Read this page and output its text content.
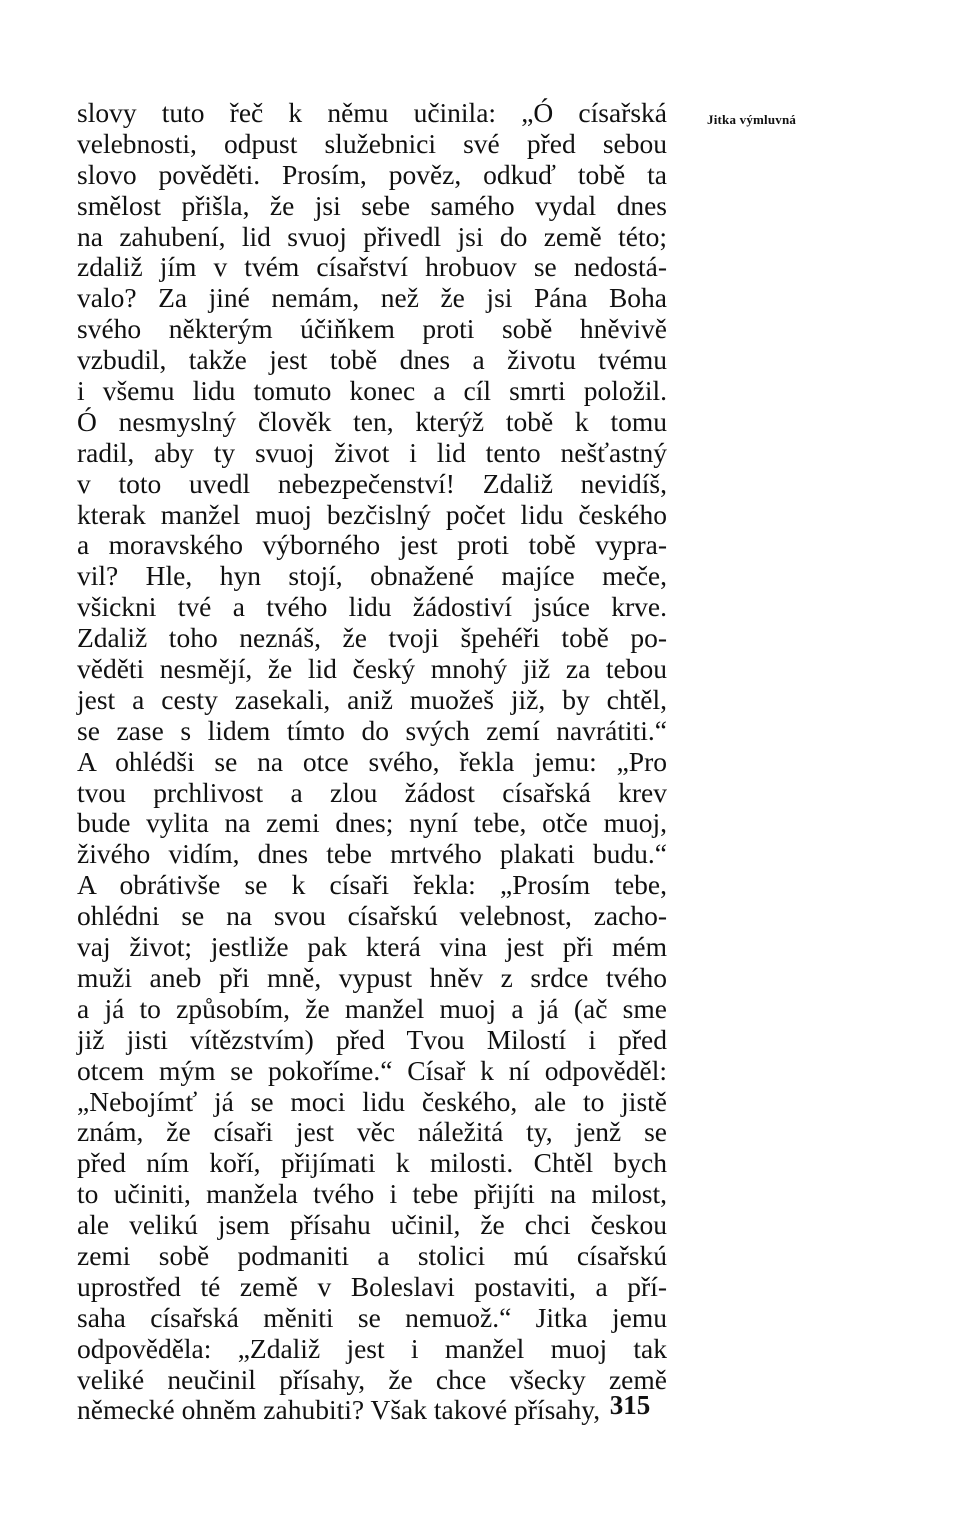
slovy tuto řeč k němu učinila: „Ó císařská
velebnosti, odpust služebnici své před sebou
slovo pověděti. Prosím, pověz, odkuď tobě ta
smělost přišla, že jsi sebe samého vydal dnes
na zahubení, lid svuoj přivedl jsi do země této;
zdaliž jím v tvém císařství hrobuov se nedostá-
valo? Za jiné nemám, než že jsi Pána Boha
svého některým účiňkem proti sobě hněvivě
vzbudil, takže jest tobě dnes a životu tvému
i všemu lidu tomuto konec a cíl smrti položil.
Ó nesmyslný člověk ten, kterýž tobě k tomu
radil, aby ty svuoj život i lid tento nešťastný
v toto uvedl nebezpečenství! Zdaliž nevidíš,
kterak manžel muoj bezčislný počet lidu českého
a moravského výborného jest proti tobě vypra-
vil? Hle, hyn stojí, obnažené majíce meče,
všickni tvé a tvého lidu žádostiví jsúce krve.
Zdaliž toho neznáš, že tvoji špehéři tobě po-
věděti nesmějí, že lid český mnohý již za tebou
jest a cesty zasekali, aniž muožeš již, by chtěl,
se zase s lidem tímto do svých zemí navrátiti.“
A ohlédši se na otce svého, řekla jemu: „Pro
tvou prchlivost a zlou žádost císařská krev
bude vylita na zemi dnes; nyní tebe, otče muoj,
živého vidím, dnes tebe mrtvého plakati budu.“
A obrátivše se k císaři řekla: „Prosím tebe,
ohlédni se na svou císařskú velebnost, zacho-
vaj život; jestliže pak která vina jest při mém
muži aneb při mně, vypust hněv z srdce tvého
a já to způsobím, že manžel muoj a já (ač sme
již jisti vítězstvím) před Tvou Milostí i před
otcem mým se pokoříme.“ Císař k ní odpověděl:
„Nebojímť já se moci lidu českého, ale to jistě
znám, že císaři jest věc náležitá ty, jenž se
před ním koří, přijímati k milosti. Chtěl bych
to učiniti, manžela tvého i tebe přijíti na milost,
ale velikú jsem přísahu učinil, že chci českou
zemi sobě podmaniti a stolici mú císařskú
uprostřed té země v Boleslavi postaviti, a pří-
saha císařská měniti se nemuož.“ Jitka jemu
odpověděla: „Zdaliž jest i manžel muoj tak
veliké neučinil přísahy, že chce všecky země
německé ohněm zahubiti? Však takové přísahy,
Jitka výmluvná
315
